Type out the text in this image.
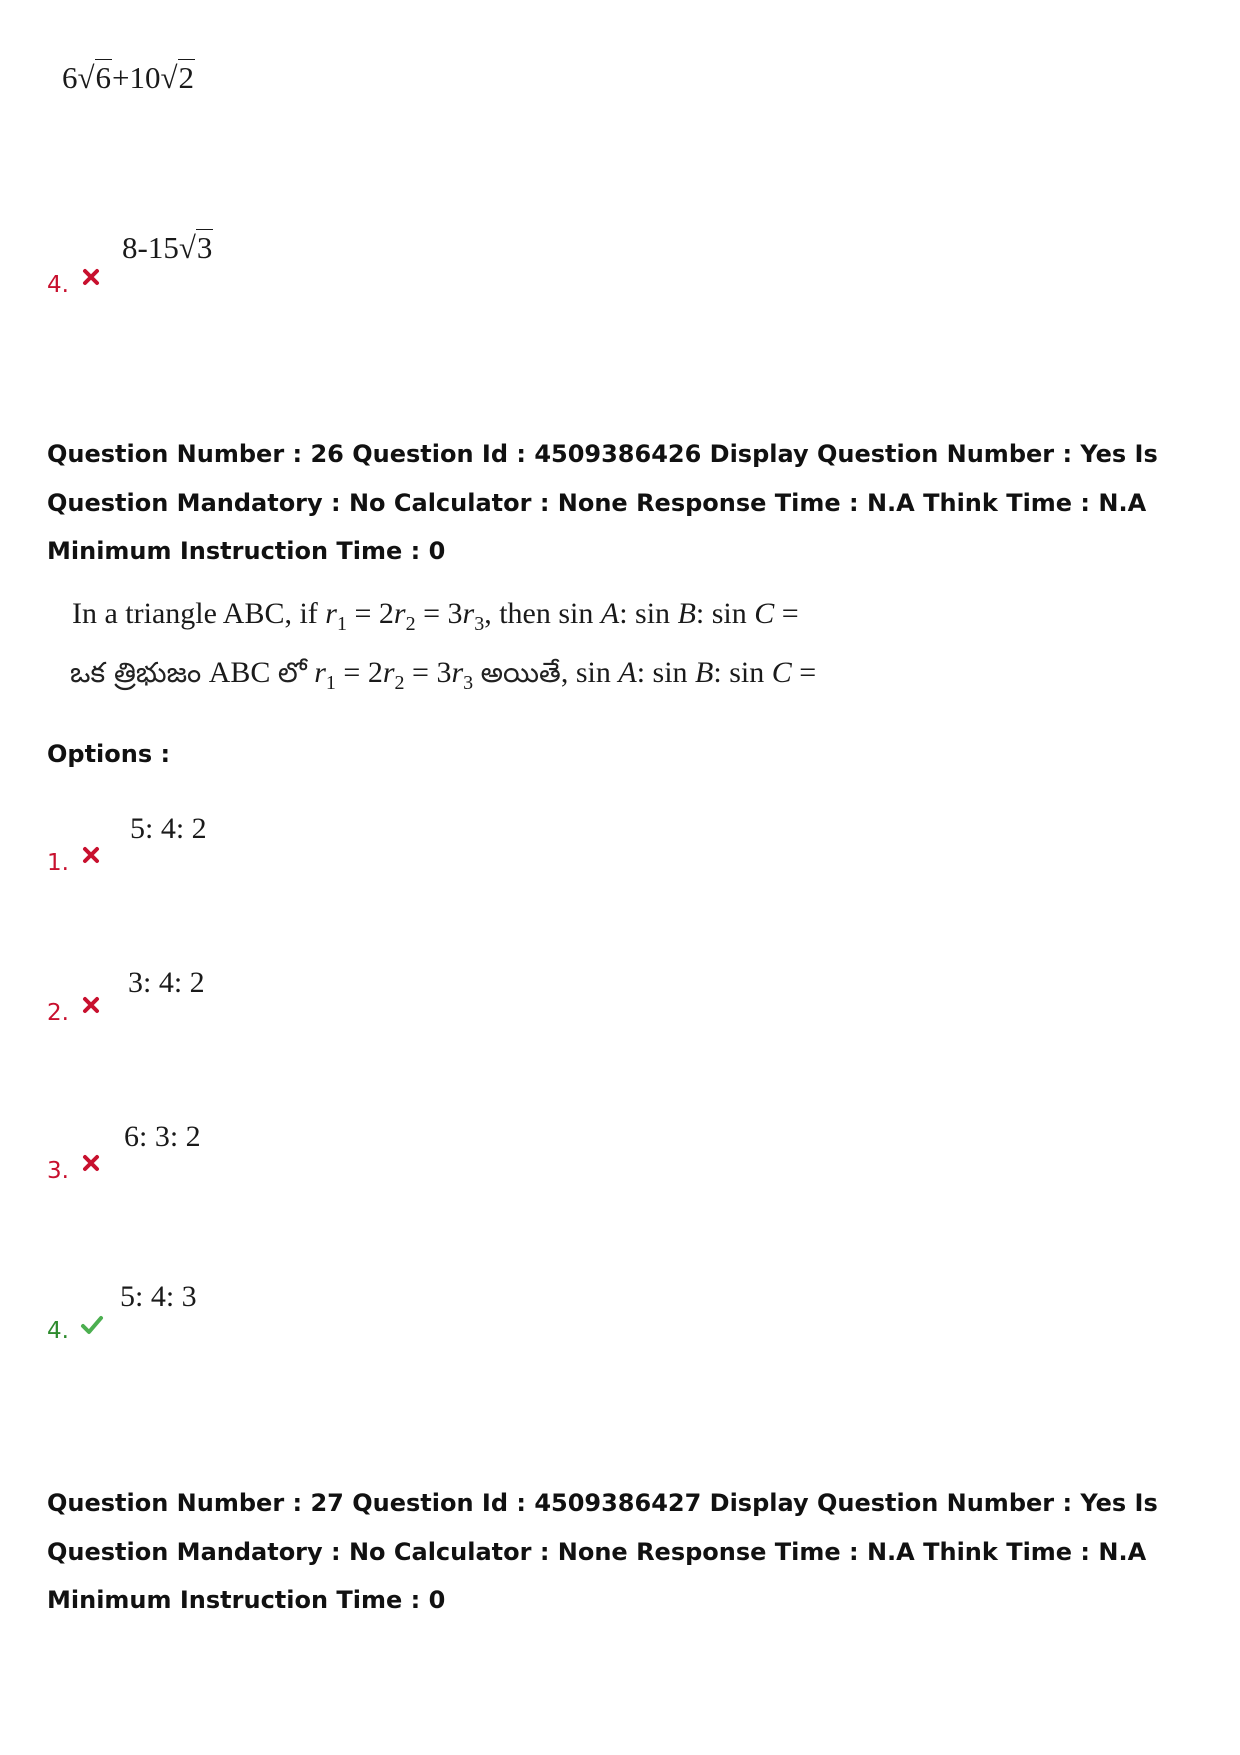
6√6+10√2
8-15√3
4.
Question Number : 26 Question Id : 4509386426 Display Question Number : Yes Is Question Mandatory : No Calculator : None Response Time : N.A Think Time : N.A Minimum Instruction Time : 0
In a triangle ABC, if $r_1 = 2r_2 = 3r_3$, then sin A: sin B: sin C =
ఒక త్రిభుజం ABC లో $r_1 = 2r_2 = 3r_3$ అయితే, sin A: sin B: sin C =
Options :
5: 4: 2
1.
3: 4: 2
2.
6: 3: 2
3.
5: 4: 3
4.
Question Number : 27 Question Id : 4509386427 Display Question Number : Yes Is Question Mandatory : No Calculator : None Response Time : N.A Think Time : N.A Minimum Instruction Time : 0
